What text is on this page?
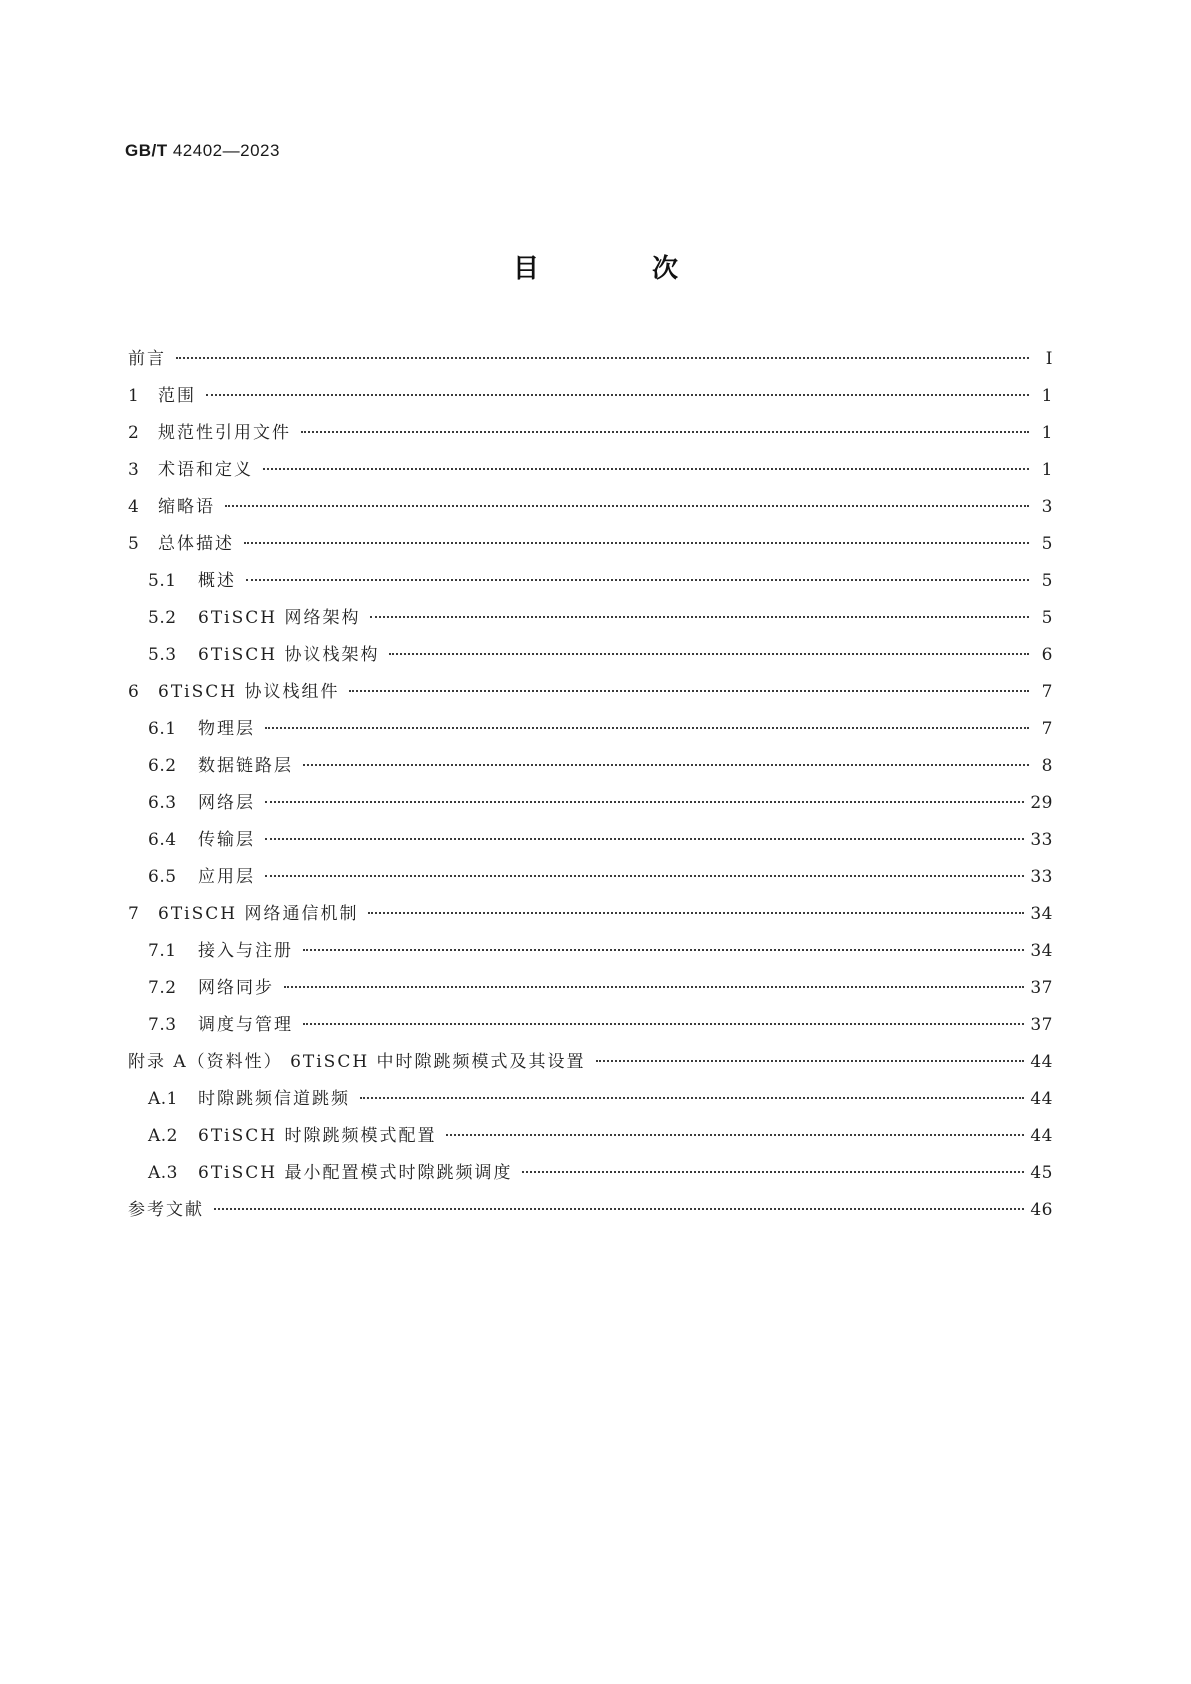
GB/T 42402—2023
目 次
前言	Ⅰ
1	范围	1
2	规范性引用文件	1
3	术语和定义	1
4	缩略语	3
5	总体描述	5
5.1	概述	5
5.2	6TiSCH 网络架构	5
5.3	6TiSCH 协议栈架构	6
6	6TiSCH 协议栈组件	7
6.1	物理层	7
6.2	数据链路层	8
6.3	网络层	29
6.4	传输层	33
6.5	应用层	33
7	6TiSCH 网络通信机制	34
7.1	接入与注册	34
7.2	网络同步	37
7.3	调度与管理	37
附录 A（资料性） 6TiSCH 中时隙跳频模式及其设置	44
A.1	时隙跳频信道跳频	44
A.2	6TiSCH 时隙跳频模式配置	44
A.3	6TiSCH 最小配置模式时隙跳频调度	45
参考文献	46
